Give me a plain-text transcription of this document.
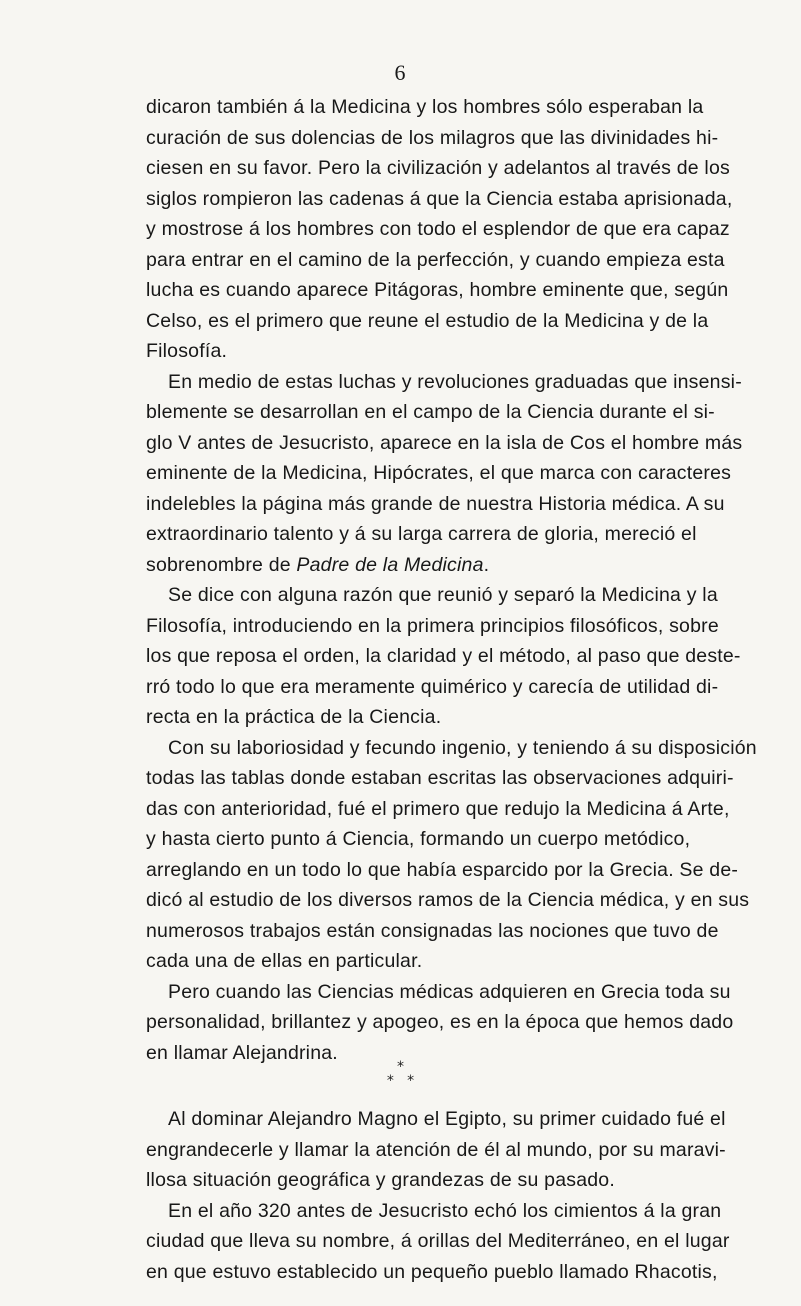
6
dicaron también á la Medicina y los hombres sólo esperaban la
curación de sus dolencias de los milagros que las divinidades hi-
ciesen en su favor. Pero la civilización y adelantos al través de los
siglos rompieron las cadenas á que la Ciencia estaba aprisionada,
y mostrose á los hombres con todo el esplendor de que era capaz
para entrar en el camino de la perfección, y cuando empieza esta
lucha es cuando aparece Pitágoras, hombre eminente que, según
Celso, es el primero que reune el estudio de la Medicina y de la
Filosofía.
En medio de estas luchas y revoluciones graduadas que insensi-
blemente se desarrollan en el campo de la Ciencia durante el si-
glo V antes de Jesucristo, aparece en la isla de Cos el hombre más
eminente de la Medicina, Hipócrates, el que marca con caracteres
indelebles la página más grande de nuestra Historia médica. A su
extraordinario talento y á su larga carrera de gloria, mereció el
sobrenombre de Padre de la Medicina.
Se dice con alguna razón que reunió y separó la Medicina y la
Filosofía, introduciendo en la primera principios filosóficos, sobre
los que reposa el orden, la claridad y el método, al paso que deste-
rró todo lo que era meramente quimérico y carecía de utilidad di-
recta en la práctica de la Ciencia.
Con su laboriosidad y fecundo ingenio, y teniendo á su disposición
todas las tablas donde estaban escritas las observaciones adquiri-
das con anterioridad, fué el primero que redujo la Medicina á Arte,
y hasta cierto punto á Ciencia, formando un cuerpo metódico,
arreglando en un todo lo que había esparcido por la Grecia. Se de-
dicó al estudio de los diversos ramos de la Ciencia médica, y en sus
numerosos trabajos están consignadas las nociones que tuvo de
cada una de ellas en particular.
Pero cuando las Ciencias médicas adquieren en Grecia toda su
personalidad, brillantez y apogeo, es en la época que hemos dado
en llamar Alejandrina.
*
*   *
Al dominar Alejandro Magno el Egipto, su primer cuidado fué el
engrandecerle y llamar la atención de él al mundo, por su maravi-
llosa situación geográfica y grandezas de su pasado.
En el año 320 antes de Jesucristo echó los cimientos á la gran
ciudad que lleva su nombre, á orillas del Mediterráneo, en el lugar
en que estuvo establecido un pequeño pueblo llamado Rhacotis,
